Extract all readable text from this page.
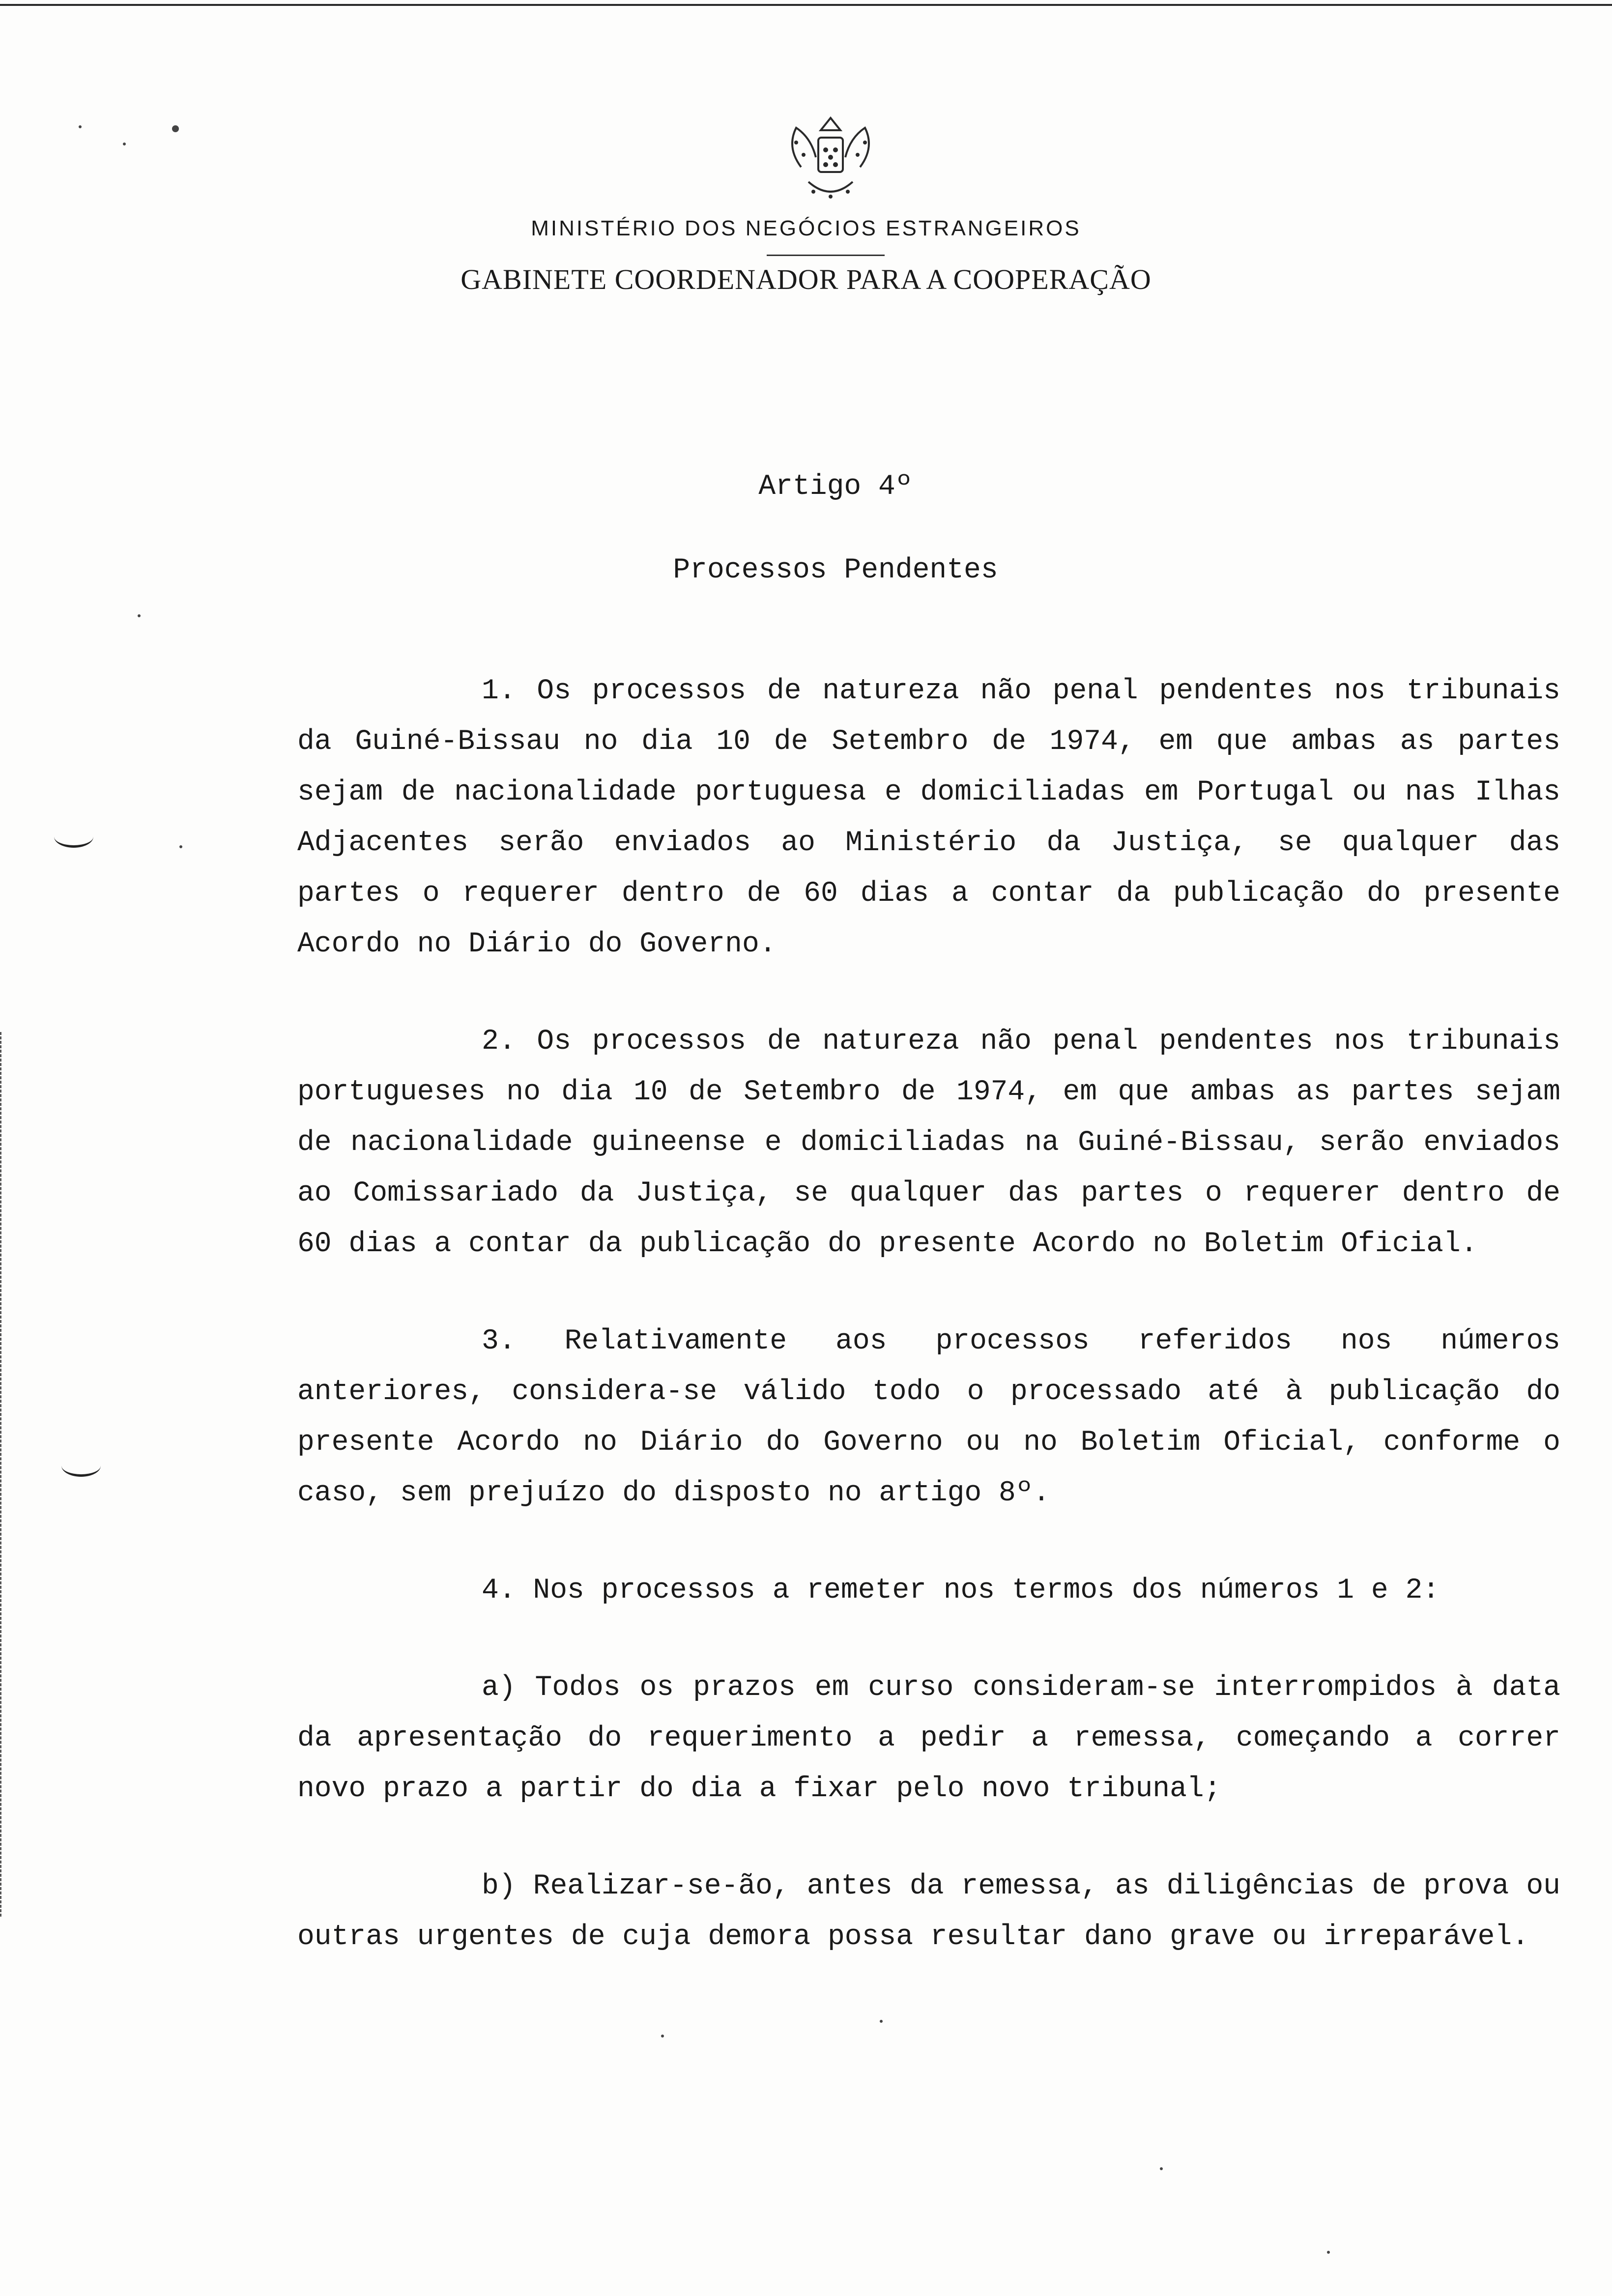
MINISTÉRIO DOS NEGÓCIOS ESTRANGEIROS
GABINETE COORDENADOR PARA A COOPERAÇÃO
Artigo 4º
Processos Pendentes

1. Os processos de natureza não penal pendentes nos tribunais da Guiné-Bissau no dia 10 de Setembro de 1974, em que ambas as partes sejam de nacionalidade portuguesa e domiciliadas em Portugal ou nas Ilhas Adjacentes serão enviados ao Ministério da Justiça, se qualquer das partes o requerer dentro de 60 dias a contar da publicação do presente Acordo no Diário do Governo.

2. Os processos de natureza não penal pendentes nos tribunais portugueses no dia 10 de Setembro de 1974, em que ambas as partes sejam de nacionalidade guineense e domiciliadas na Guiné-Bissau, serão enviados ao Comissariado da Justiça, se qualquer das partes o requerer dentro de 60 dias a contar da publicação do presente Acordo no Boletim Oficial.

3. Relativamente aos processos referidos nos números anteriores, considera-se válido todo o processado até à publicação do presente Acordo no Diário do Governo ou no Boletim Oficial, conforme o caso, sem prejuízo do disposto no artigo 8º.

4. Nos processos a remeter nos termos dos números 1 e 2:

a) Todos os prazos em curso consideram-se interrompidos à data da apresentação do requerimento a pedir a remessa, começando a correr novo prazo a partir do dia a fixar pelo novo tribunal;

b) Realizar-se-ão, antes da remessa, as diligências de prova ou outras urgentes de cuja demora possa resultar dano grave ou irreparável.
